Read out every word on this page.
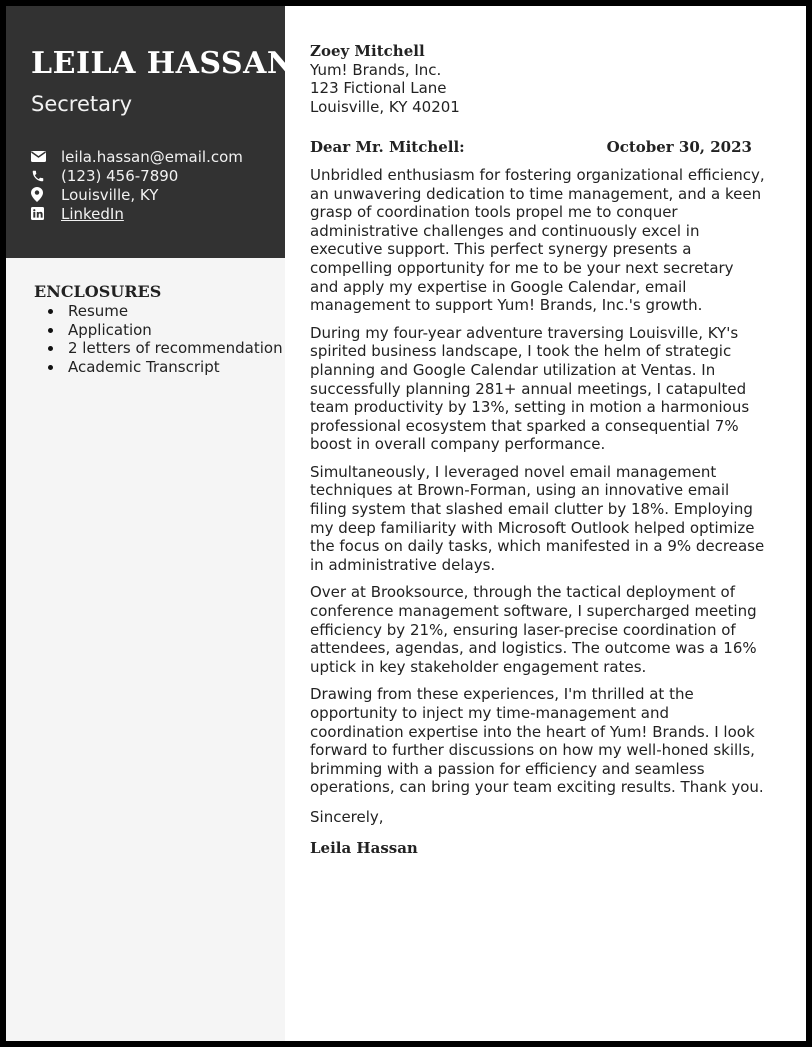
LEILA HASSAN
Secretary
leila.hassan@email.com
(123) 456-7890
Louisville, KY
LinkedIn
ENCLOSURES
Resume
Application
2 letters of recommendation
Academic Transcript
Zoey Mitchell
Yum! Brands, Inc.
123 Fictional Lane
Louisville, KY 40201
Dear Mr. Mitchell:	October 30, 2023

Unbridled enthusiasm for fostering organizational efficiency, an unwavering dedication to time management, and a keen grasp of coordination tools propel me to conquer administrative challenges and continuously excel in executive support. This perfect synergy presents a compelling opportunity for me to be your next secretary and apply my expertise in Google Calendar, email management to support Yum! Brands, Inc.'s growth.

During my four-year adventure traversing Louisville, KY's spirited business landscape, I took the helm of strategic planning and Google Calendar utilization at Ventas. In successfully planning 281+ annual meetings, I catapulted team productivity by 13%, setting in motion a harmonious professional ecosystem that sparked a consequential 7% boost in overall company performance.

Simultaneously, I leveraged novel email management techniques at Brown-Forman, using an innovative email filing system that slashed email clutter by 18%. Employing my deep familiarity with Microsoft Outlook helped optimize the focus on daily tasks, which manifested in a 9% decrease in administrative delays.

Over at Brooksource, through the tactical deployment of conference management software, I supercharged meeting efficiency by 21%, ensuring laser-precise coordination of attendees, agendas, and logistics. The outcome was a 16% uptick in key stakeholder engagement rates.

Drawing from these experiences, I'm thrilled at the opportunity to inject my time-management and coordination expertise into the heart of Yum! Brands. I look forward to further discussions on how my well-honed skills, brimming with a passion for efficiency and seamless operations, can bring your team exciting results. Thank you.

Sincerely,

Leila Hassan
